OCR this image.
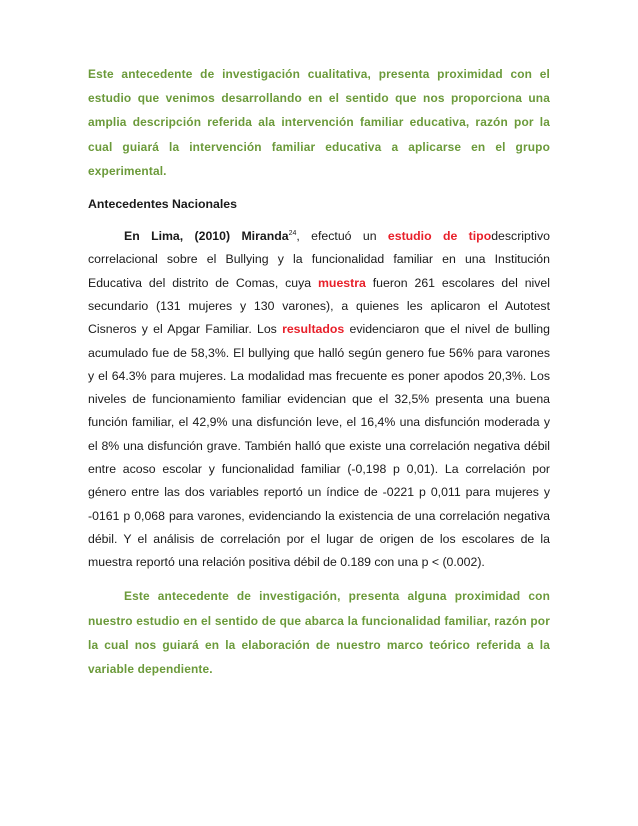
Este antecedente de investigación cualitativa, presenta proximidad con el estudio que venimos desarrollando en el sentido que nos proporciona una amplia descripción referida ala intervención familiar educativa, razón por la cual guiará la intervención familiar educativa a aplicarse en el grupo experimental.

Antecedentes Nacionales

En Lima, (2010) Miranda$^{24}$, efectuó un estudio de tipodescriptivo correlacional sobre el Bullying y la funcionalidad familiar en una Institución Educativa del distrito de Comas, cuya muestra fueron 261 escolares del nivel secundario (131 mujeres y 130 varones), a quienes les aplicaron el Autotest Cisneros y el Apgar Familiar. Los resultados evidenciaron que el nivel de bulling acumulado fue de 58,3%. El bullying que halló según genero fue 56% para varones y el 64.3% para mujeres. La modalidad mas frecuente es poner apodos 20,3%. Los niveles de funcionamiento familiar evidencian que el 32,5% presenta una buena función familiar, el 42,9% una disfunción leve, el 16,4% una disfunción moderada y el 8% una disfunción grave. También halló que existe una correlación negativa débil entre acoso escolar y funcionalidad familiar (-0,198 p 0,01). La correlación por género entre las dos variables reportó un índice de -0221 p 0,011 para mujeres y -0161 p 0,068 para varones, evidenciando la existencia de una correlación negativa débil. Y el análisis de correlación por el lugar de origen de los escolares de la muestra reportó una relación positiva débil de 0.189 con una p < (0.002).

Este antecedente de investigación, presenta alguna proximidad con nuestro estudio en el sentido de que abarca la funcionalidad familiar, razón por la cual nos guiará en la elaboración de nuestro marco teórico referida a la variable dependiente.
